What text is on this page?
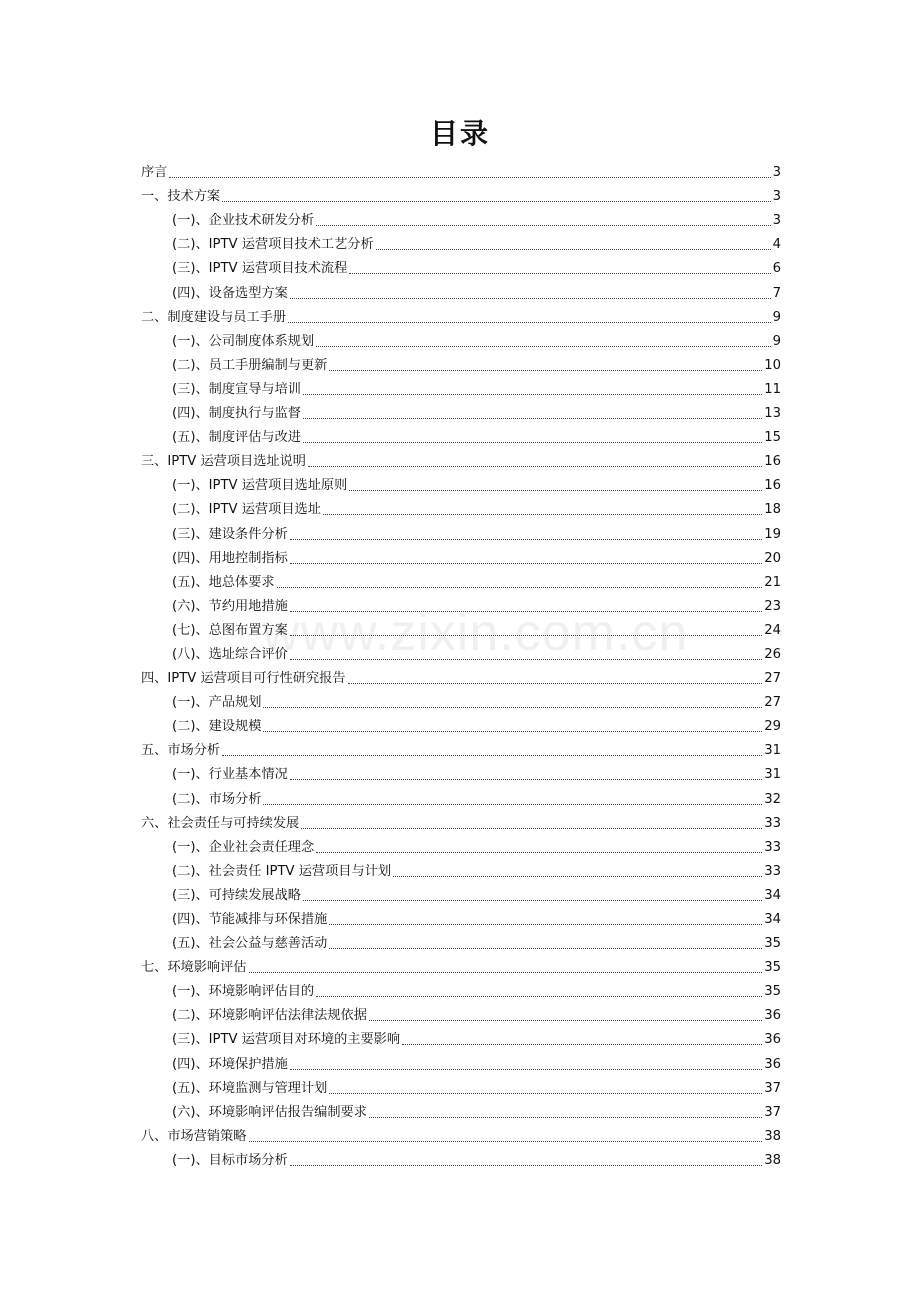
目录
www.zixin.com.cn
序言	3
一、技术方案	3
(一)、企业技术研发分析	3
(二)、IPTV 运营项目技术工艺分析	4
(三)、IPTV 运营项目技术流程	6
(四)、设备选型方案	7
二、制度建设与员工手册	9
(一)、公司制度体系规划	9
(二)、员工手册编制与更新	10
(三)、制度宣导与培训	11
(四)、制度执行与监督	13
(五)、制度评估与改进	15
三、IPTV 运营项目选址说明	16
(一)、IPTV 运营项目选址原则	16
(二)、IPTV 运营项目选址	18
(三)、建设条件分析	19
(四)、用地控制指标	20
(五)、地总体要求	21
(六)、节约用地措施	23
(七)、总图布置方案	24
(八)、选址综合评价	26
四、IPTV 运营项目可行性研究报告	27
(一)、产品规划	27
(二)、建设规模	29
五、市场分析	31
(一)、行业基本情况	31
(二)、市场分析	32
六、社会责任与可持续发展	33
(一)、企业社会责任理念	33
(二)、社会责任 IPTV 运营项目与计划	33
(三)、可持续发展战略	34
(四)、节能减排与环保措施	34
(五)、社会公益与慈善活动	35
七、环境影响评估	35
(一)、环境影响评估目的	35
(二)、环境影响评估法律法规依据	36
(三)、IPTV 运营项目对环境的主要影响	36
(四)、环境保护措施	36
(五)、环境监测与管理计划	37
(六)、环境影响评估报告编制要求	37
八、市场营销策略	38
(一)、目标市场分析	38
